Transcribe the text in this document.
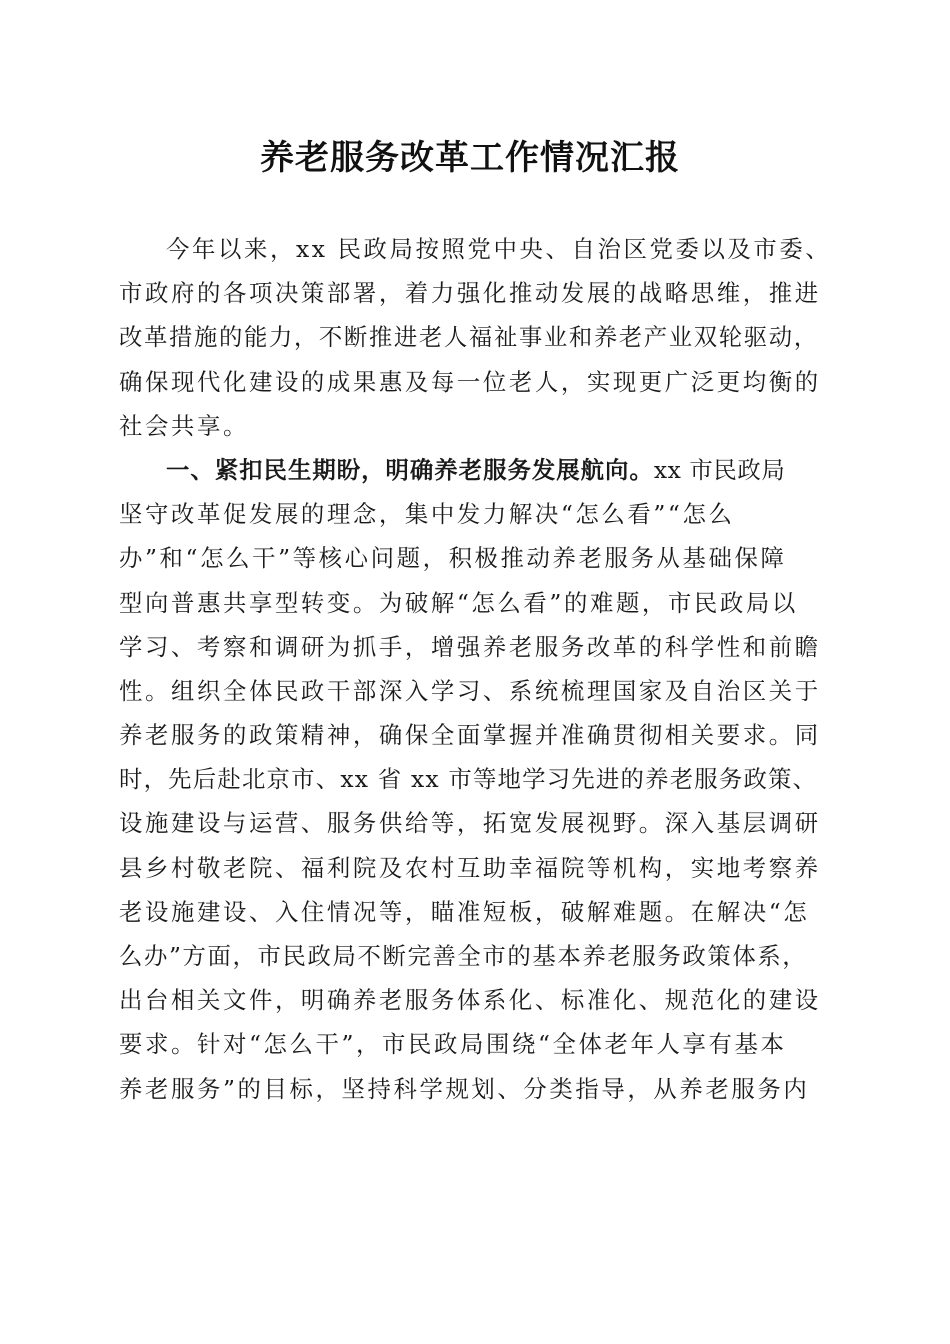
养老服务改革工作情况汇报
今年以来，xx 民政局按照党中央、自治区党委以及市委、
市政府的各项决策部署，着力强化推动发展的战略思维，推进
改革措施的能力，不断推进老人福祉事业和养老产业双轮驱动，
确保现代化建设的成果惠及每一位老人，实现更广泛更均衡的
社会共享。
一、紧扣民生期盼，明确养老服务发展航向。xx 市民政局
坚守改革促发展的理念，集中发力解决“怎么看”“怎么
办”和“怎么干”等核心问题，积极推动养老服务从基础保障
型向普惠共享型转变。为破解“怎么看”的难题，市民政局以
学习、考察和调研为抓手，增强养老服务改革的科学性和前瞻
性。组织全体民政干部深入学习、系统梳理国家及自治区关于
养老服务的政策精神，确保全面掌握并准确贯彻相关要求。同
时，先后赴北京市、xx 省 xx 市等地学习先进的养老服务政策、
设施建设与运营、服务供给等，拓宽发展视野。深入基层调研
县乡村敬老院、福利院及农村互助幸福院等机构，实地考察养
老设施建设、入住情况等，瞄准短板，破解难题。在解决“怎
么办”方面，市民政局不断完善全市的基本养老服务政策体系，
出台相关文件，明确养老服务体系化、标准化、规范化的建设
要求。针对“怎么干”，市民政局围绕“全体老年人享有基本
养老服务”的目标，坚持科学规划、分类指导，从养老服务内
